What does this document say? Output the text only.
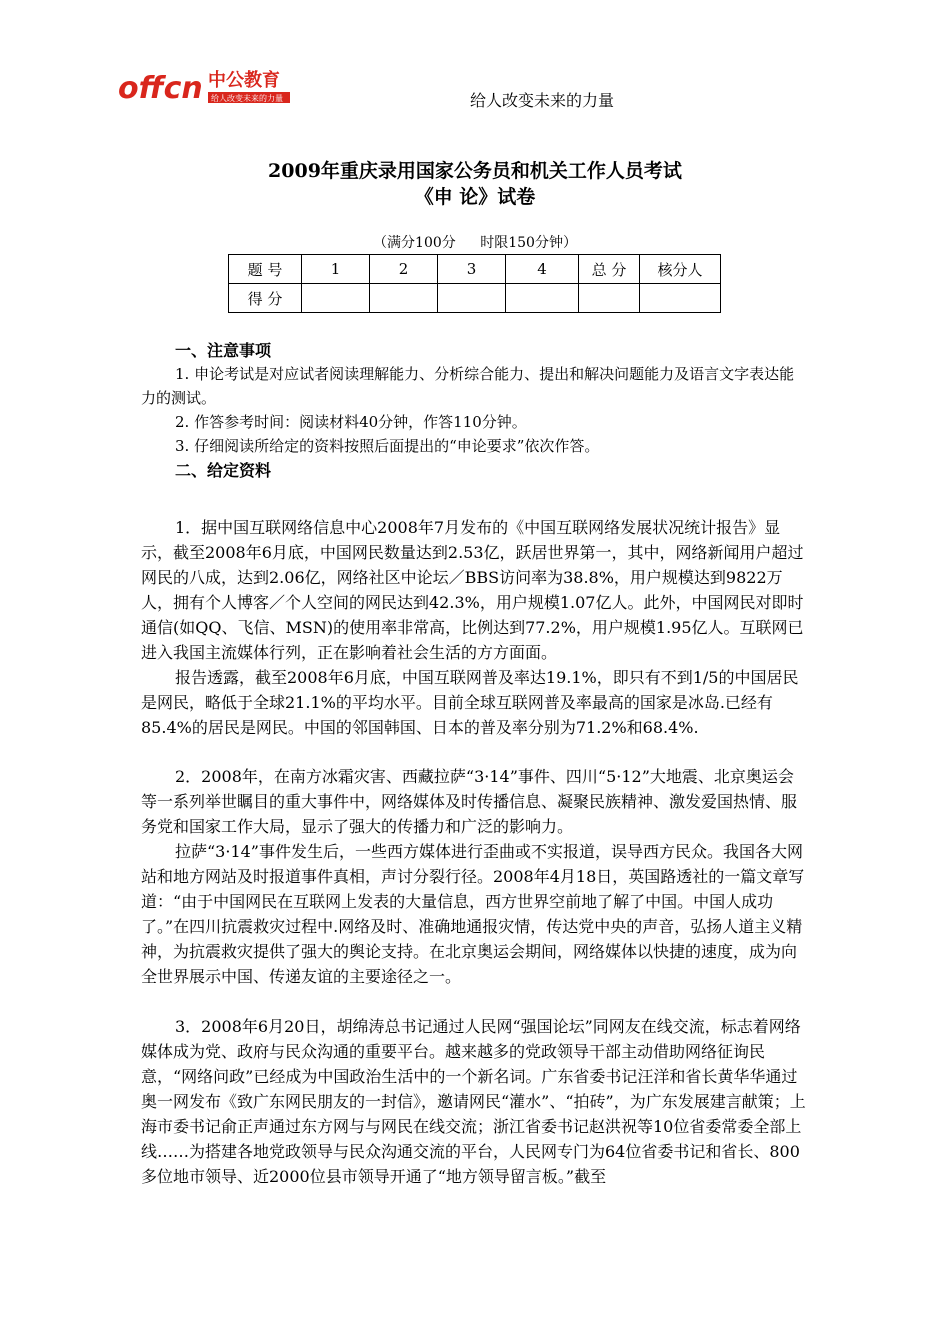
offcn 中公教育
给人改变未来的力量	给人改变未来的力量
2009年重庆录用国家公务员和机关工作人员考试
《申 论》试卷
（满分100分 时限150分钟）
题 号	1	2	3	4	总 分	核分人
得 分						
一、注意事项
1. 申论考试是对应试者阅读理解能力、分析综合能力、提出和解决问题能力及语言文字表达能力的测试。
2. 作答参考时间：阅读材料40分钟，作答110分钟。
3. 仔细阅读所给定的资料按照后面提出的“申论要求”依次作答。
二、给定资料

1．据中国互联网络信息中心2008年7月发布的《中国互联网络发展状况统计报告》显示，截至2008年6月底，中国网民数量达到2.53亿，跃居世界第一，其中，网络新闻用户超过网民的八成，达到2.06亿，网络社区中论坛／BBS访问率为38.8%，用户规模达到9822万人，拥有个人博客／个人空间的网民达到42.3%，用户规模1.07亿人。此外，中国网民对即时通信(如QQ、飞信、MSN)的使用率非常高，比例达到77.2%，用户规模1.95亿人。互联网已进入我国主流媒体行列，正在影响着社会生活的方方面面。

报告透露，截至2008年6月底，中国互联网普及率达19.1%，即只有不到1/5的中国居民是网民，略低于全球21.1%的平均水平。目前全球互联网普及率最高的国家是冰岛.已经有85.4%的居民是网民。中国的邻国韩国、日本的普及率分别为71.2%和68.4%.

2．2008年，在南方冰霜灾害、西藏拉萨“3·14”事件、四川“5·12”大地震、北京奥运会等一系列举世瞩目的重大事件中，网络媒体及时传播信息、凝聚民族精神、激发爱国热情、服务党和国家工作大局，显示了强大的传播力和广泛的影响力。

拉萨“3·14”事件发生后，一些西方媒体进行歪曲或不实报道，误导西方民众。我国各大网站和地方网站及时报道事件真相，声讨分裂行径。2008年4月18日，英国路透社的一篇文章写道：“由于中国网民在互联网上发表的大量信息，西方世界空前地了解了中国。中国人成功了。”在四川抗震救灾过程中.网络及时、准确地通报灾情，传达党中央的声音，弘扬人道主义精神，为抗震救灾提供了强大的舆论支持。在北京奥运会期间，网络媒体以快捷的速度，成为向全世界展示中国、传递友谊的主要途径之一。

3．2008年6月20日，胡绵涛总书记通过人民网“强国论坛”同网友在线交流，标志着网络媒体成为党、政府与民众沟通的重要平台。越来越多的党政领导干部主动借助网络征询民意，“网络问政”已经成为中国政治生活中的一个新名词。广东省委书记汪洋和省长黄华华通过奥一网发布《致广东网民朋友的一封信》，邀请网民“灌水”、“拍砖”，为广东发展建言献策；上海市委书记俞正声通过东方网与与网民在线交流；浙江省委书记赵洪祝等10位省委常委全部上线……为搭建各地党政领导与民众沟通交流的平台，人民网专门为64位省委书记和省长、800多位地市领导、近2000位县市领导开通了“地方领导留言板。”截至
